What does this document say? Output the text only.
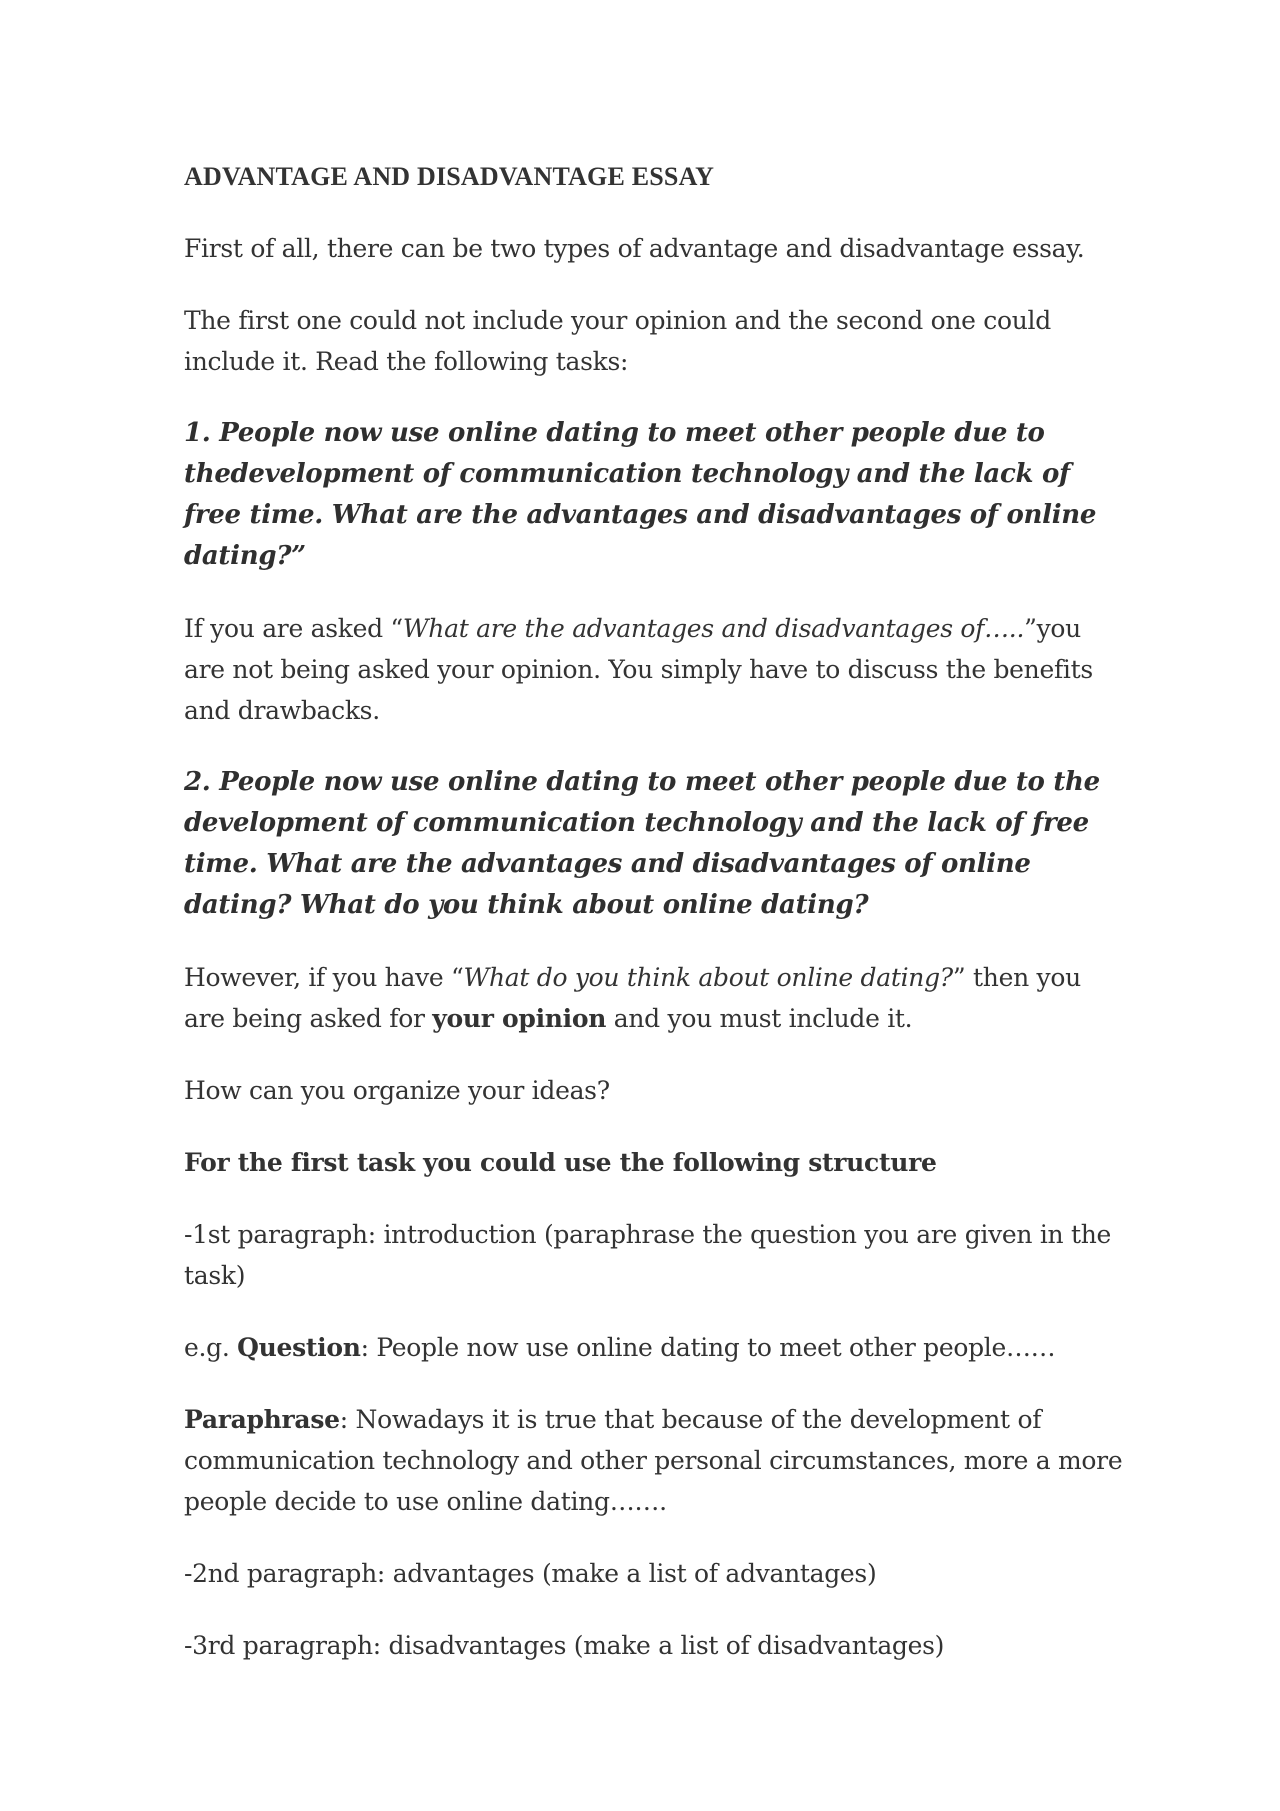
ADVANTAGE AND DISADVANTAGE ESSAY
First of all, there can be two types of advantage and disadvantage essay.
The first one could not include your opinion and the second one could include it. Read the following tasks:
1. People now use online dating to meet other people due to thedevelopment of communication technology and the lack of free time. What are the advantages and disadvantages of online dating?”
If you are asked “What are the advantages and disadvantages of…..”you are not being asked your opinion. You simply have to discuss the benefits and drawbacks.
2. People now use online dating to meet other people due to the development of communication technology and the lack of free time. What are the advantages and disadvantages of online dating? What do you think about online dating?
However, if you have “What do you think about online dating?” then you are being asked for your opinion and you must include it.
How can you organize your ideas?
For the first task you could use the following structure
-1st paragraph: introduction (paraphrase the question you are given in the task)
e.g. Question: People now use online dating to meet other people……
Paraphrase: Nowadays it is true that because of the development of communication technology and other personal circumstances, more a more people decide to use online dating…….
-2nd paragraph: advantages (make a list of advantages)
-3rd paragraph: disadvantages (make a list of disadvantages)
